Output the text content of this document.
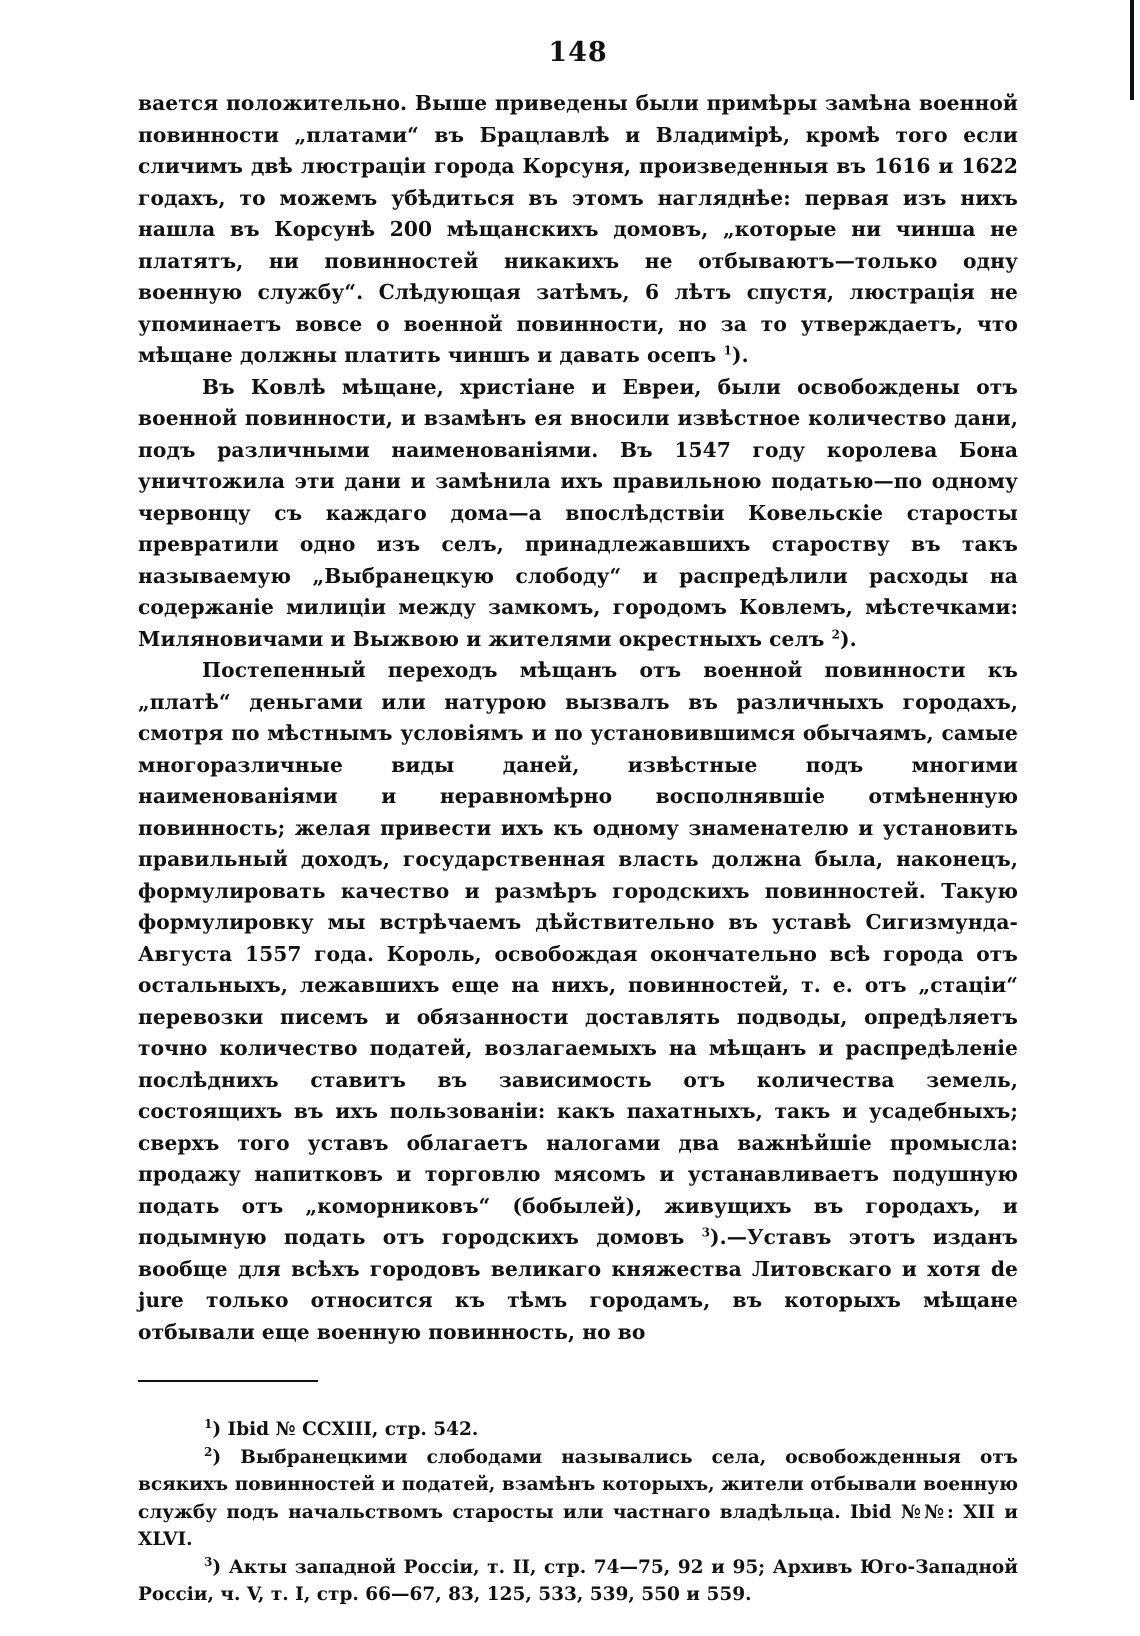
148

вается положительно. Выше приведены были примѣры замѣна военной повинности „платами“ въ Брацлавлѣ и Владимірѣ, кромѣ того если сличимъ двѣ люстраціи города Корсуня, произведенныя въ 1616 и 1622 годахъ, то можемъ убѣдиться въ этомъ нагляднѣе: первая изъ нихъ нашла въ Корсунѣ 200 мѣщанскихъ домовъ, „которые ни чинша не платятъ, ни повинностей никакихъ не отбываютъ—только одну военную службу“. Слѣдующая затѣмъ, 6 лѣтъ спустя, люстрація не упоминаетъ вовсе о военной повинности, но за то утверждаетъ, что мѣщане должны платить чиншъ и давать осепъ $^1$).

Въ Ковлѣ мѣщане, христіане и Евреи, были освобождены отъ военной повинности, и взамѣнъ ея вносили извѣстное количество дани, подъ различными наименованіями. Въ 1547 году королева Бона уничтожила эти дани и замѣнила ихъ правильною податью—по одному червонцу съ каждаго дома—а впослѣдствіи Ковельскіе старосты превратили одно изъ селъ, принадлежавшихъ староству въ такъ называемую „Выбранецкую слободу“ и распредѣлили расходы на содержаніе милиціи между замкомъ, городомъ Ковлемъ, мѣстечками: Миляновичами и Выжвою и жителями окрестныхъ селъ $^2$).

Постепенный переходъ мѣщанъ отъ военной повинности къ „платѣ“ деньгами или натурою вызвалъ въ различныхъ городахъ, смотря по мѣстнымъ условіямъ и по установившимся обычаямъ, самые многоразличные виды даней, извѣстные подъ многими наименованіями и неравномѣрно восполнявшіе отмѣненную повинность; желая привести ихъ къ одному знаменателю и установить правильный доходъ, государственная власть должна была, наконецъ, формулировать качество и размѣръ городскихъ повинностей. Такую формулировку мы встрѣчаемъ дѣйствительно въ уставѣ Сигизмунда-Августа 1557 года. Король, освобождая окончательно всѣ города отъ остальныхъ, лежавшихъ еще на нихъ, повинностей, т. е. отъ „стаціи“ перевозки писемъ и обязанности доставлять подводы, опредѣляетъ точно количество податей, возлагаемыхъ на мѣщанъ и распредѣленіе послѣднихъ ставитъ въ зависимость отъ количества земель, состоящихъ въ ихъ пользованіи: какъ пахатныхъ, такъ и усадебныхъ; сверхъ того уставъ облагаетъ налогами два важнѣйшіе промысла: продажу напитковъ и торговлю мясомъ и устанавливаетъ подушную подать отъ „коморниковъ“ (бобылей), живущихъ въ городахъ, и подымную подать отъ городскихъ домовъ $^3$).—Уставъ этотъ изданъ вообще для всѣхъ городовъ великаго княжества Литовскаго и хотя de jure только относится къ тѣмъ городамъ, въ которыхъ мѣщане отбывали еще военную повинность, но во

$^1$) Ibid № CCXIII, стр. 542.

$^2$) Выбранецкими слободами назывались села, освобожденныя отъ всякихъ повинностей и податей, взамѣнъ которыхъ, жители отбывали военную службу подъ начальствомъ старосты или частнаго владѣльца. Ibid №№: XII и XLVI.

$^3$) Акты западной Россіи, т. II, стр. 74—75, 92 и 95; Архивъ Юго-Западной Россіи, ч. V, т. I, стр. 66—67, 83, 125, 533, 539, 550 и 559.
